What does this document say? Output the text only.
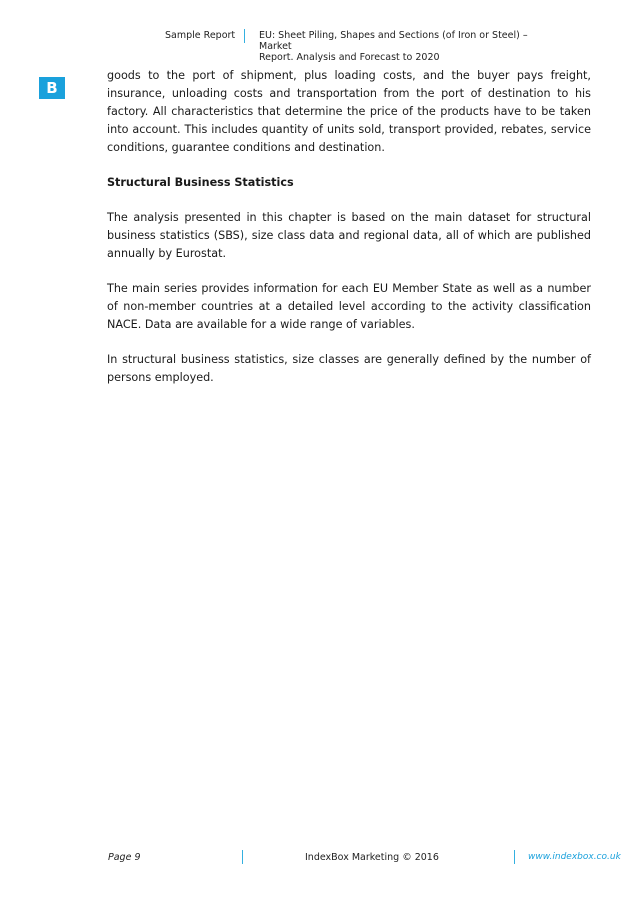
Sample Report	EU: Sheet Piling, Shapes and Sections (of Iron or Steel) – Market
Report. Analysis and Forecast to 2020
B

goods to the port of shipment, plus loading costs, and the buyer pays freight, insurance, unloading costs and transportation from the port of destination to his factory. All characteristics that determine the price of the products have to be taken into account. This includes quantity of units sold, transport provided, rebates, service conditions, guarantee conditions and destination.

Structural Business Statistics

The analysis presented in this chapter is based on the main dataset for structural business statistics (SBS), size class data and regional data, all of which are published annually by Eurostat.

The main series provides information for each EU Member State as well as a number of non-member countries at a detailed level according to the activity classification NACE. Data are available for a wide range of variables.

In structural business statistics, size classes are generally defined by the number of persons employed.

Page 9	IndexBox Marketing © 2016	www.indexbox.co.uk
